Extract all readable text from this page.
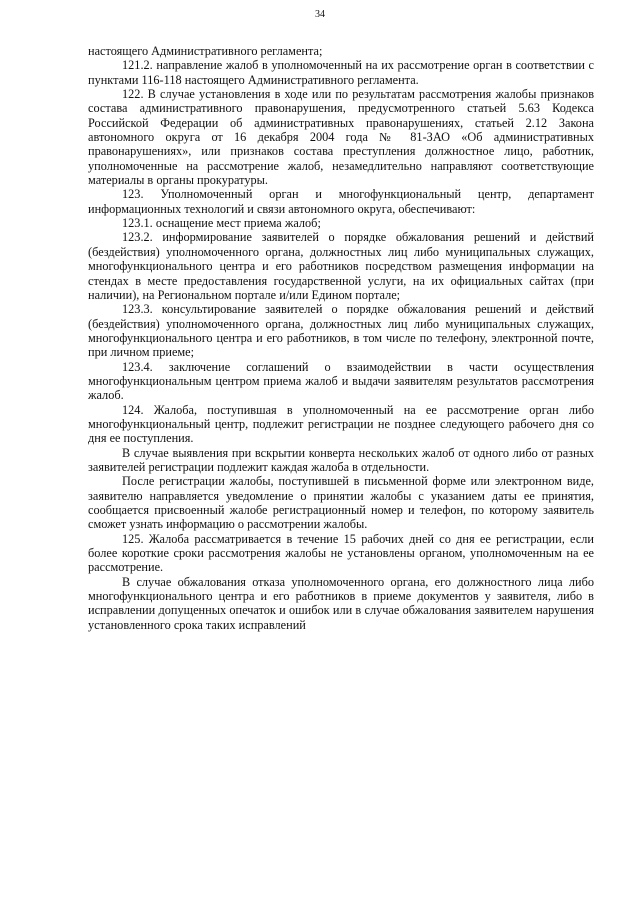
34

настоящего Административного регламента;

121.2. направление жалоб в уполномоченный на их рассмотрение орган в соответствии с пунктами 116-118 настоящего Административного регламента.

122. В случае установления в ходе или по результатам рассмотрения жалобы признаков состава административного правонарушения, предусмотренного статьей 5.63 Кодекса Российской Федерации об административных правонарушениях, статьей 2.12 Закона автономного округа от 16 декабря 2004 года № 81-ЗАО «Об административных правонарушениях», или признаков состава преступления должностное лицо, работник, уполномоченные на рассмотрение жалоб, незамедлительно направляют соответствующие материалы в органы прокуратуры.

123. Уполномоченный орган и многофункциональный центр, департамент информационных технологий и связи автономного округа, обеспечивают:

123.1. оснащение мест приема жалоб;

123.2. информирование заявителей о порядке обжалования решений и действий (бездействия) уполномоченного органа, должностных лиц либо муниципальных служащих, многофункционального центра и его работников посредством размещения информации на стендах в месте предоставления государственной услуги, на их официальных сайтах (при наличии), на Региональном портале и/или Едином портале;

123.3. консультирование заявителей о порядке обжалования решений и действий (бездействия) уполномоченного органа, должностных лиц либо муниципальных служащих, многофункционального центра и его работников, в том числе по телефону, электронной почте, при личном приеме;

123.4. заключение соглашений о взаимодействии в части осуществления многофункциональным центром приема жалоб и выдачи заявителям результатов рассмотрения жалоб.

124. Жалоба, поступившая в уполномоченный на ее рассмотрение орган либо многофункциональный центр, подлежит регистрации не позднее следующего рабочего дня со дня ее поступления.

В случае выявления при вскрытии конверта нескольких жалоб от одного либо от разных заявителей регистрации подлежит каждая жалоба в отдельности.

После регистрации жалобы, поступившей в письменной форме или электронном виде, заявителю направляется уведомление о принятии жалобы с указанием даты ее принятия, сообщается присвоенный жалобе регистрационный номер и телефон, по которому заявитель сможет узнать информацию о рассмотрении жалобы.

125. Жалоба рассматривается в течение 15 рабочих дней со дня ее регистрации, если более короткие сроки рассмотрения жалобы не установлены органом, уполномоченным на ее рассмотрение.

В случае обжалования отказа уполномоченного органа, его должностного лица либо многофункционального центра и его работников в приеме документов у заявителя, либо в исправлении допущенных опечаток и ошибок или в случае обжалования заявителем нарушения установленного срока таких исправлений
